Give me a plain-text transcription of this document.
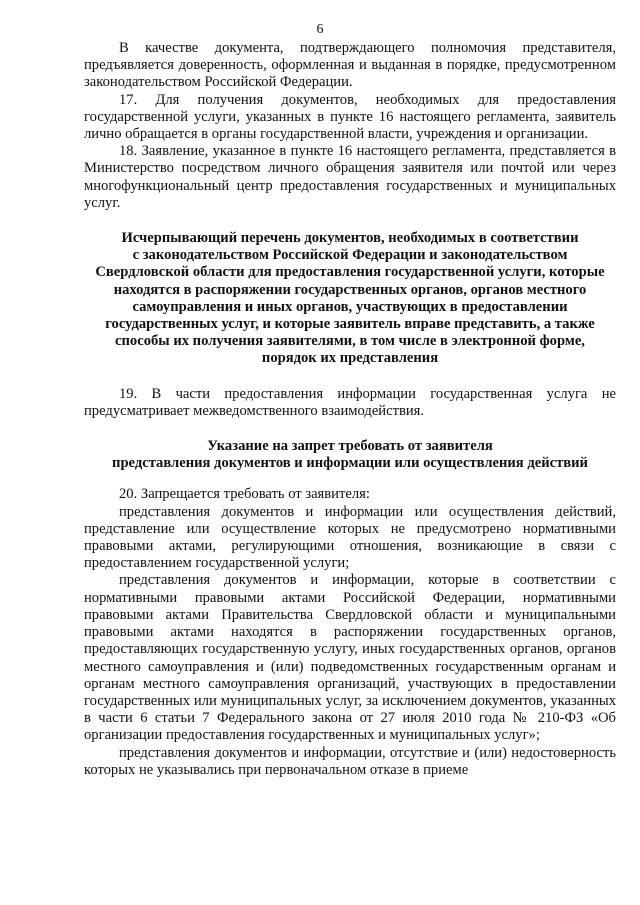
6

В качестве документа, подтверждающего полномочия представителя, предъявляется доверенность, оформленная и выданная в порядке, предусмотренном законодательством Российской Федерации.

17. Для получения документов, необходимых для предоставления государственной услуги, указанных в пункте 16 настоящего регламента, заявитель лично обращается в органы государственной власти, учреждения и организации.

18. Заявление, указанное в пункте 16 настоящего регламента, представляется в Министерство посредством личного обращения заявителя или почтой или через многофункциональный центр предоставления государственных и муниципальных услуг.

Исчерпывающий перечень документов, необходимых в соответствии
с законодательством Российской Федерации и законодательством
Свердловской области для предоставления государственной услуги, которые
находятся в распоряжении государственных органов, органов местного
самоуправления и иных органов, участвующих в предоставлении
государственных услуг, и которые заявитель вправе представить, а также
способы их получения заявителями, в том числе в электронной форме,
порядок их представления

19. В части предоставления информации государственная услуга не предусматривает межведомственного взаимодействия.

Указание на запрет требовать от заявителя
представления документов и информации или осуществления действий

20. Запрещается требовать от заявителя:

представления документов и информации или осуществления действий, представление или осуществление которых не предусмотрено нормативными правовыми актами, регулирующими отношения, возникающие в связи с предоставлением государственной услуги;

представления документов и информации, которые в соответствии с нормативными правовыми актами Российской Федерации, нормативными правовыми актами Правительства Свердловской области и муниципальными правовыми актами находятся в распоряжении государственных органов, предоставляющих государственную услугу, иных государственных органов, органов местного самоуправления и (или) подведомственных государственным органам и органам местного самоуправления организаций, участвующих в предоставлении государственных или муниципальных услуг, за исключением документов, указанных в части 6 статьи 7 Федерального закона от 27 июля 2010 года № 210-ФЗ «Об организации предоставления государственных и муниципальных услуг»;

представления документов и информации, отсутствие и (или) недостоверность которых не указывались при первоначальном отказе в приеме
